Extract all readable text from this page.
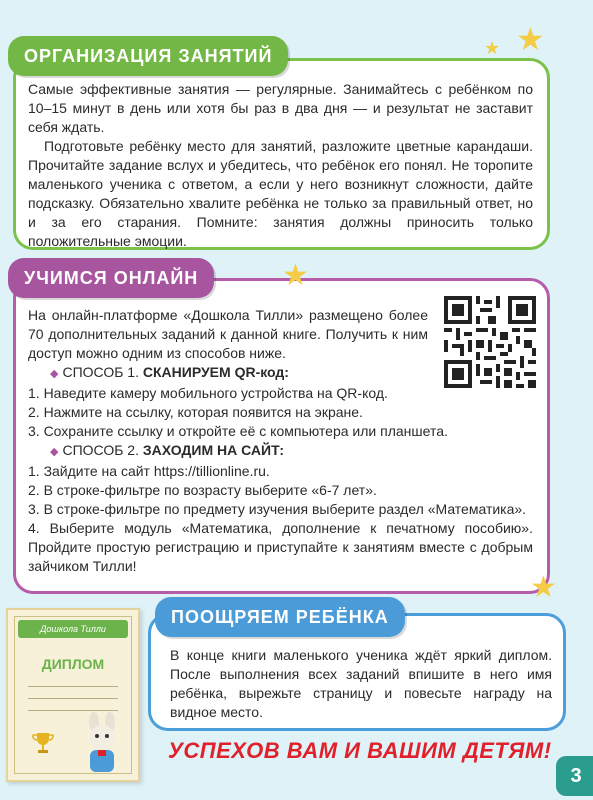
ОРГАНИЗАЦИЯ ЗАНЯТИЙ

Самые эффективные занятия — регулярные. Занимайтесь с ребёнком по 10–15 минут в день или хотя бы раз в два дня — и результат не заставит себя ждать.

Подготовьте ребёнку место для занятий, разложите цветные карандаши. Прочитайте задание вслух и убедитесь, что ребёнок его понял. Не торопите маленького ученика с ответом, а если у него возникнут сложности, дайте подсказку. Обязательно хвалите ребёнка не только за правильный ответ, но и за его старания. Помните: занятия должны приносить только положительные эмоции.

★ ★
УЧИМСЯ ОНЛАЙН	★
На онлайн-платформе «Дошкола Тилли» размещено более 70 дополнительных заданий к данной книге. Получить к ним доступ можно одним из способов ниже.
◆ СПОСОБ 1. СКАНИРУЕМ QR-код:
1. Наведите камеру мобильного устройства на QR-код.
2. Нажмите на ссылку, которая появится на экране.
3. Сохраните ссылку и откройте её с компьютера или планшета.
◆ СПОСОБ 2. ЗАХОДИМ НА САЙТ:
1. Зайдите на сайт https://tillionline.ru.
2. В строке-фильтре по возрасту выберите «6-7 лет».
3. В строке-фильтре по предмету изучения выберите раздел «Математика».
4. Выберите модуль «Математика, дополнение к печатному пособию». Пройдите простую регистрацию и приступайте к занятиям вместе с добрым зайчиком Тилли!
★
ПООЩРЯЕМ РЕБЁНКА
В конце книги маленького ученика ждёт яркий диплом. После выполнения всех заданий впишите в него имя ребёнка, вырежьте страницу и повесьте награду на видное место.
Дошкола Тилли
ДИПЛОМ
УСПЕХОВ ВАМ И ВАШИМ ДЕТЯМ!
3
